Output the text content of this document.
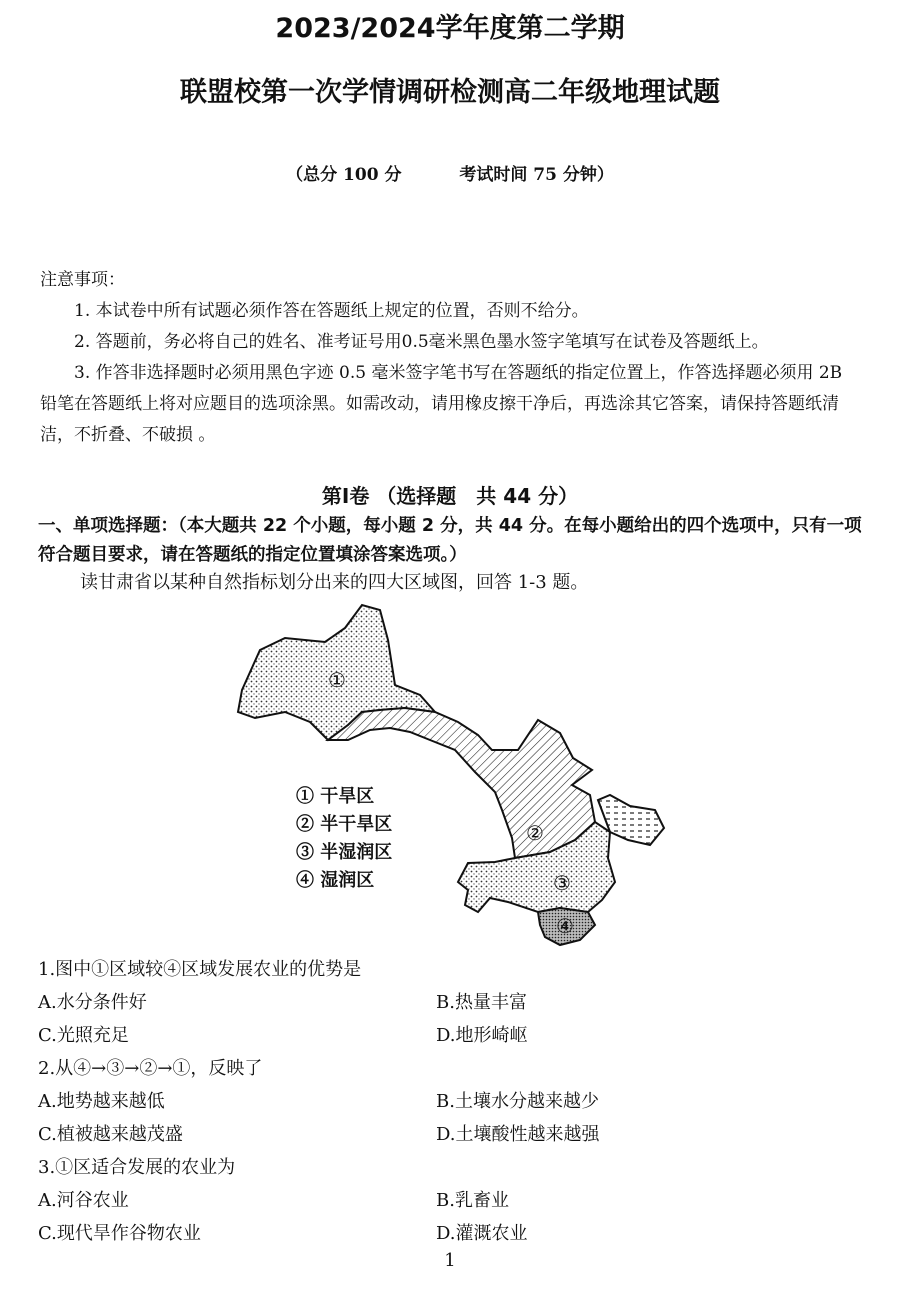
2023/2024学年度第二学期
联盟校第一次学情调研检测高二年级地理试题
（总分 100 分	考试时间 75 分钟）

注意事项：

1. 本试卷中所有试题必须作答在答题纸上规定的位置，否则不给分。

2. 答题前，务必将自己的姓名、准考证号用0.5毫米黑色墨水签字笔填写在试卷及答题纸上。

3. 作答非选择题时必须用黑色字迹 0.5 毫米签字笔书写在答题纸的指定位置上，作答选择题必须用 2B 铅笔在答题纸上将对应题目的选项涂黑。如需改动，请用橡皮擦干净后，再选涂其它答案，请保持答题纸清洁，不折叠、不破损 。

第Ⅰ卷 （选择题　共 44 分）
一、单项选择题：（本大题共 22 个小题，每小题 2 分，共 44 分。在每小题给出的四个选项中，只有一项符合题目要求，请在答题纸的指定位置填涂答案选项。）
读甘肃省以某种自然指标划分出来的四大区域图，回答 1-3 题。
①
②
③
④
① 干旱区
② 半干旱区
③ 半湿润区
④ 湿润区
1.图中①区域较④区域发展农业的优势是
A.水分条件好	B.热量丰富
C.光照充足	D.地形崎岖
2.从④→③→②→①，反映了
A.地势越来越低	B.土壤水分越来越少
C.植被越来越茂盛	D.土壤酸性越来越强
3.①区适合发展的农业为
A.河谷农业	B.乳畜业
C.现代旱作谷物农业	D.灌溉农业
1
